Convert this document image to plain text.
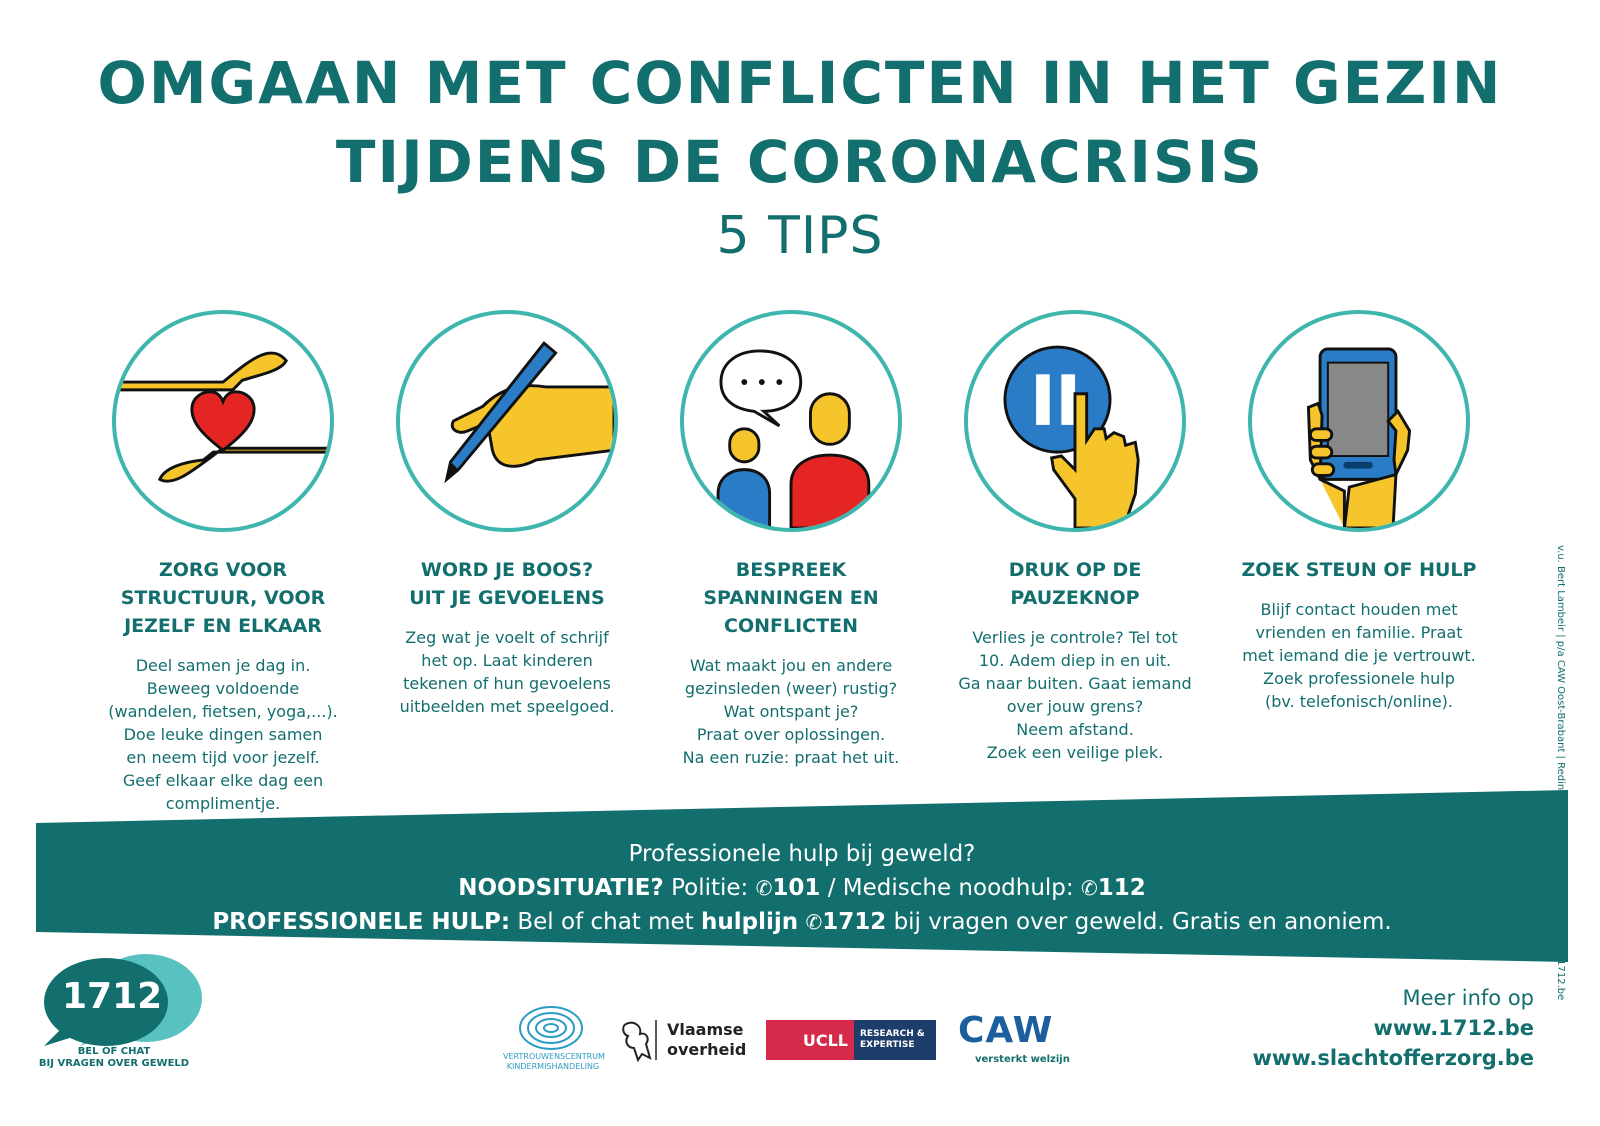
OMGAAN MET CONFLICTEN IN HET GEZIN
TIJDENS DE CORONACRISIS
5 TIPS
ZORG VOOR
STRUCTUUR, VOOR
JEZELF EN ELKAAR
Deel samen je dag in.
Beweeg voldoende
(wandelen, fietsen, yoga,...).
Doe leuke dingen samen
en neem tijd voor jezelf.
Geef elkaar elke dag een
complimentje.
WORD JE BOOS?
UIT JE GEVOELENS
Zeg wat je voelt of schrijf
het op. Laat kinderen
tekenen of hun gevoelens
uitbeelden met speelgoed.
BESPREEK
SPANNINGEN EN
CONFLICTEN
Wat maakt jou en andere
gezinsleden (weer) rustig?
Wat ontspant je?
Praat over oplossingen.
Na een ruzie: praat het uit.
DRUK OP DE
PAUZEKNOP
Verlies je controle? Tel tot
10. Adem diep in en uit.
Ga naar buiten. Gaat iemand
over jouw grens?
Neem afstand.
Zoek een veilige plek.
ZOEK STEUN OF HULP
Blijf contact houden met
vrienden en familie. Praat
met iemand die je vertrouwt.
Zoek professionele hulp
(bv. telefonisch/online).
Professionele hulp bij geweld?
NOODSITUATIE? Politie: ✆101 / Medische noodhulp: ✆112
PROFESSIONELE HULP: Bel of chat met hulplijn ✆1712 bij vragen over geweld. Gratis en anoniem.	v.u. Bert Lambeir | p/a CAW Oost-Brabant | Redingenstraat 6 | 3000 Leuven | www.1712.be
1712
BEL OF CHAT
BIJ VRAGEN OVER GEWELD
VERTROUWENSCENTRUM
KINDERMISHANDELING
Vlaamse
overheid	UCLL	RESEARCH &
EXPERTISE	CAW
versterkt welzijn
Meer info op
www.1712.be
www.slachtofferzorg.be
